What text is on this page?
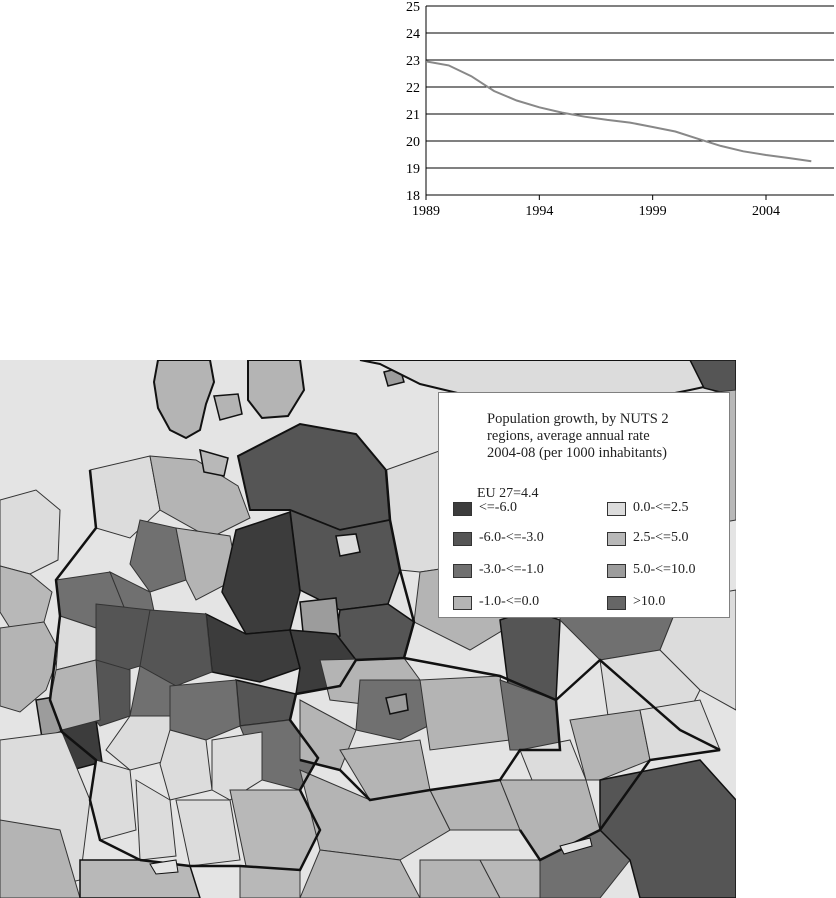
18
19
20
21
22
23
24
25
1989	1994	1999	2004
Population growth, by NUTS 2
regions, average annual rate
2004-08 (per 1000 inhabitants)
EU 27=4.4
<=-6.0
-6.0-<=-3.0
-3.0-<=-1.0
-1.0-<=0.0
0.0-<=2.5
2.5-<=5.0
5.0-<=10.0
>10.0
